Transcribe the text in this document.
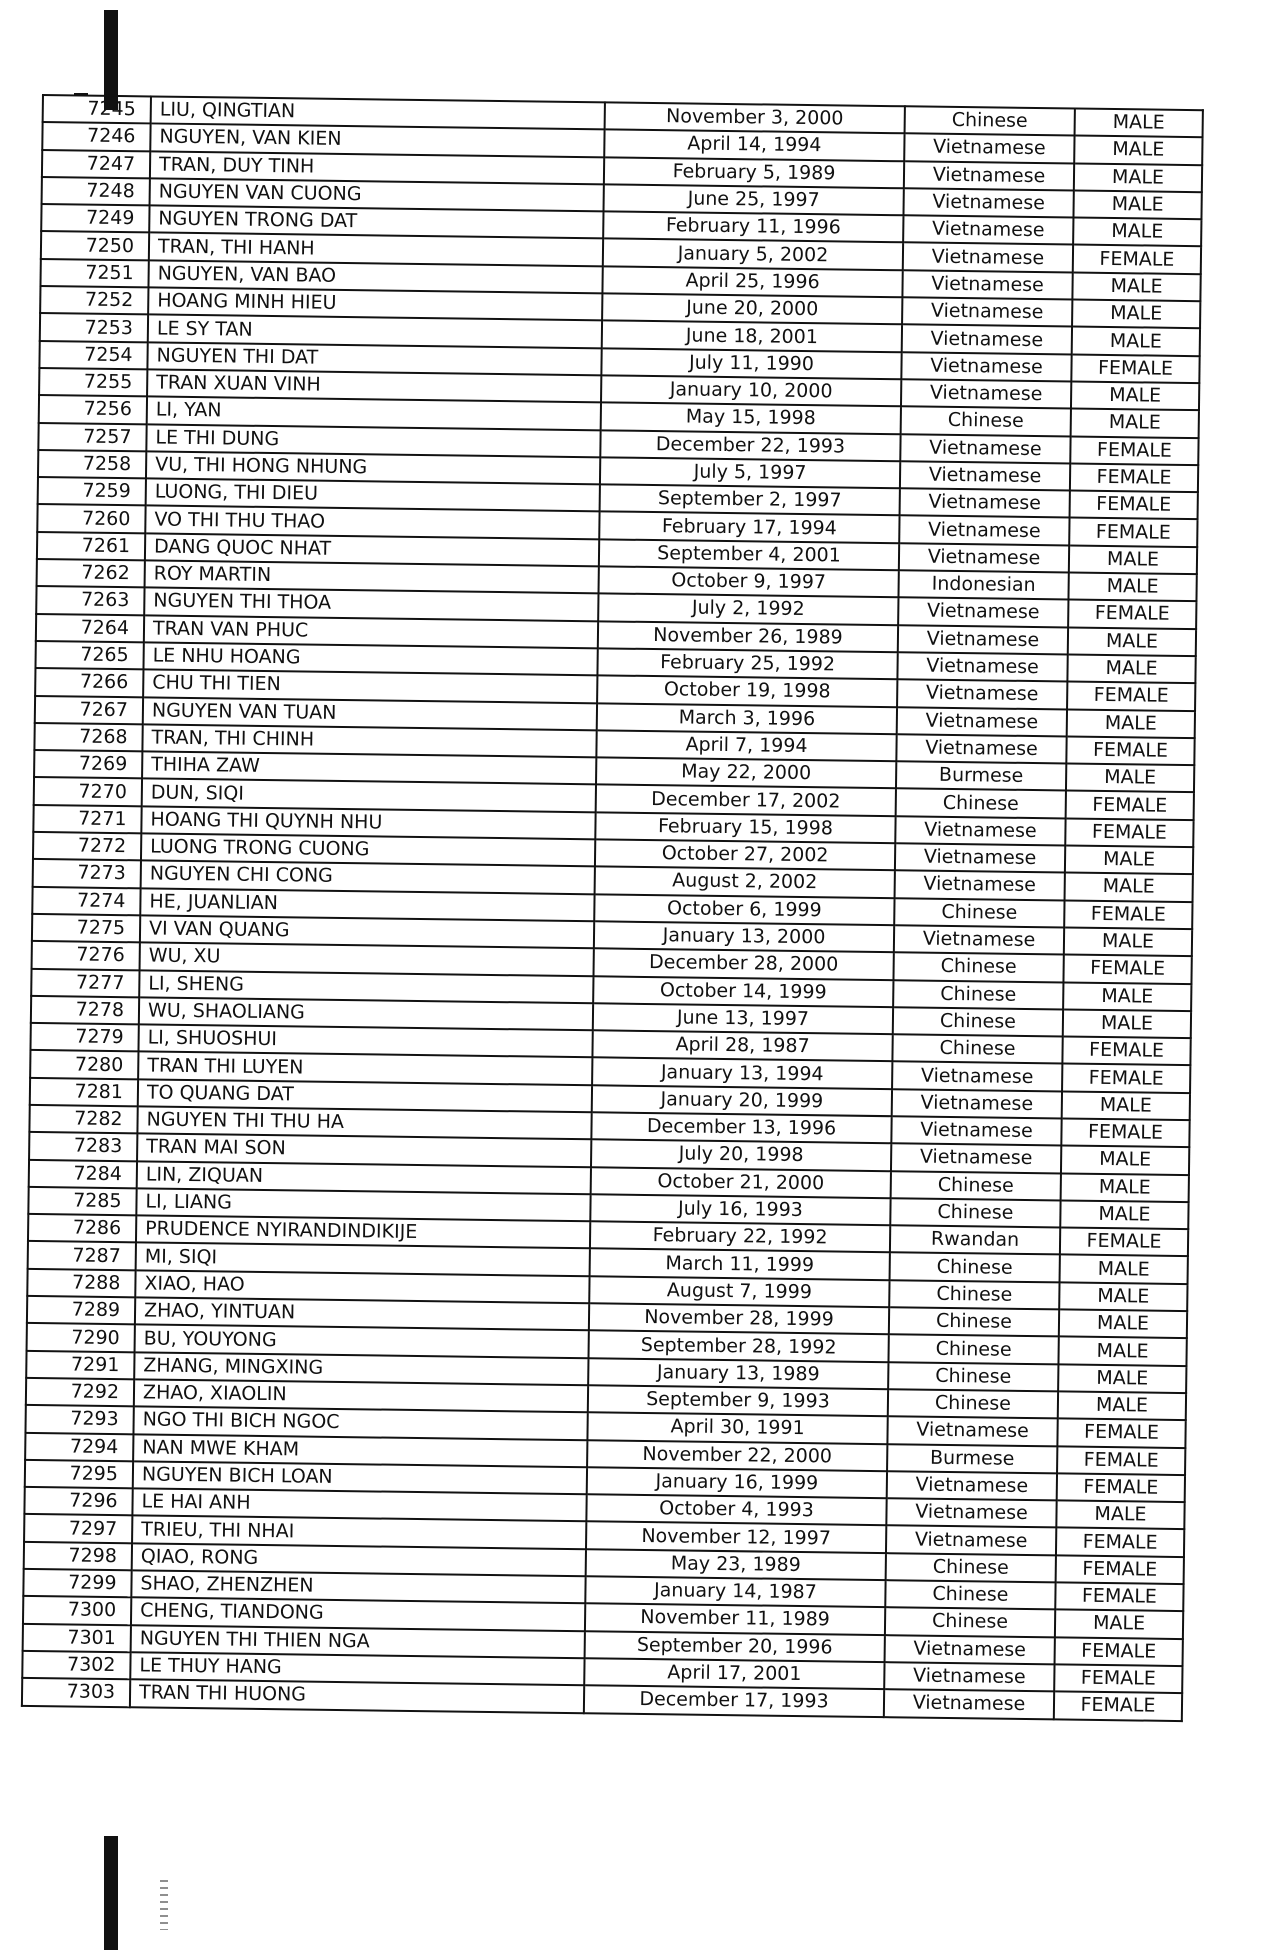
7245	LIU, QINGTIAN	November 3, 2000	Chinese	MALE
7246	NGUYEN, VAN KIEN	April 14, 1994	Vietnamese	MALE
7247	TRAN, DUY TINH	February 5, 1989	Vietnamese	MALE
7248	NGUYEN VAN CUONG	June 25, 1997	Vietnamese	MALE
7249	NGUYEN TRONG DAT	February 11, 1996	Vietnamese	MALE
7250	TRAN, THI HANH	January 5, 2002	Vietnamese	FEMALE
7251	NGUYEN, VAN BAO	April 25, 1996	Vietnamese	MALE
7252	HOANG MINH HIEU	June 20, 2000	Vietnamese	MALE
7253	LE SY TAN	June 18, 2001	Vietnamese	MALE
7254	NGUYEN THI DAT	July 11, 1990	Vietnamese	FEMALE
7255	TRAN XUAN VINH	January 10, 2000	Vietnamese	MALE
7256	LI, YAN	May 15, 1998	Chinese	MALE
7257	LE THI DUNG	December 22, 1993	Vietnamese	FEMALE
7258	VU, THI HONG NHUNG	July 5, 1997	Vietnamese	FEMALE
7259	LUONG, THI DIEU	September 2, 1997	Vietnamese	FEMALE
7260	VO THI THU THAO	February 17, 1994	Vietnamese	FEMALE
7261	DANG QUOC NHAT	September 4, 2001	Vietnamese	MALE
7262	ROY MARTIN	October 9, 1997	Indonesian	MALE
7263	NGUYEN THI THOA	July 2, 1992	Vietnamese	FEMALE
7264	TRAN VAN PHUC	November 26, 1989	Vietnamese	MALE
7265	LE NHU HOANG	February 25, 1992	Vietnamese	MALE
7266	CHU THI TIEN	October 19, 1998	Vietnamese	FEMALE
7267	NGUYEN VAN TUAN	March 3, 1996	Vietnamese	MALE
7268	TRAN, THI CHINH	April 7, 1994	Vietnamese	FEMALE
7269	THIHA ZAW	May 22, 2000	Burmese	MALE
7270	DUN, SIQI	December 17, 2002	Chinese	FEMALE
7271	HOANG THI QUYNH NHU	February 15, 1998	Vietnamese	FEMALE
7272	LUONG TRONG CUONG	October 27, 2002	Vietnamese	MALE
7273	NGUYEN CHI CONG	August 2, 2002	Vietnamese	MALE
7274	HE, JUANLIAN	October 6, 1999	Chinese	FEMALE
7275	VI VAN QUANG	January 13, 2000	Vietnamese	MALE
7276	WU, XU	December 28, 2000	Chinese	FEMALE
7277	LI, SHENG	October 14, 1999	Chinese	MALE
7278	WU, SHAOLIANG	June 13, 1997	Chinese	MALE
7279	LI, SHUOSHUI	April 28, 1987	Chinese	FEMALE
7280	TRAN THI LUYEN	January 13, 1994	Vietnamese	FEMALE
7281	TO QUANG DAT	January 20, 1999	Vietnamese	MALE
7282	NGUYEN THI THU HA	December 13, 1996	Vietnamese	FEMALE
7283	TRAN MAI SON	July 20, 1998	Vietnamese	MALE
7284	LIN, ZIQUAN	October 21, 2000	Chinese	MALE
7285	LI, LIANG	July 16, 1993	Chinese	MALE
7286	PRUDENCE NYIRANDINDIKIJE	February 22, 1992	Rwandan	FEMALE
7287	MI, SIQI	March 11, 1999	Chinese	MALE
7288	XIAO, HAO	August 7, 1999	Chinese	MALE
7289	ZHAO, YINTUAN	November 28, 1999	Chinese	MALE
7290	BU, YOUYONG	September 28, 1992	Chinese	MALE
7291	ZHANG, MINGXING	January 13, 1989	Chinese	MALE
7292	ZHAO, XIAOLIN	September 9, 1993	Chinese	MALE
7293	NGO THI BICH NGOC	April 30, 1991	Vietnamese	FEMALE
7294	NAN MWE KHAM	November 22, 2000	Burmese	FEMALE
7295	NGUYEN BICH LOAN	January 16, 1999	Vietnamese	FEMALE
7296	LE HAI ANH	October 4, 1993	Vietnamese	MALE
7297	TRIEU, THI NHAI	November 12, 1997	Vietnamese	FEMALE
7298	QIAO, RONG	May 23, 1989	Chinese	FEMALE
7299	SHAO, ZHENZHEN	January 14, 1987	Chinese	FEMALE
7300	CHENG, TIANDONG	November 11, 1989	Chinese	MALE
7301	NGUYEN THI THIEN NGA	September 20, 1996	Vietnamese	FEMALE
7302	LE THUY HANG	April 17, 2001	Vietnamese	FEMALE
7303	TRAN THI HUONG	December 17, 1993	Vietnamese	FEMALE
